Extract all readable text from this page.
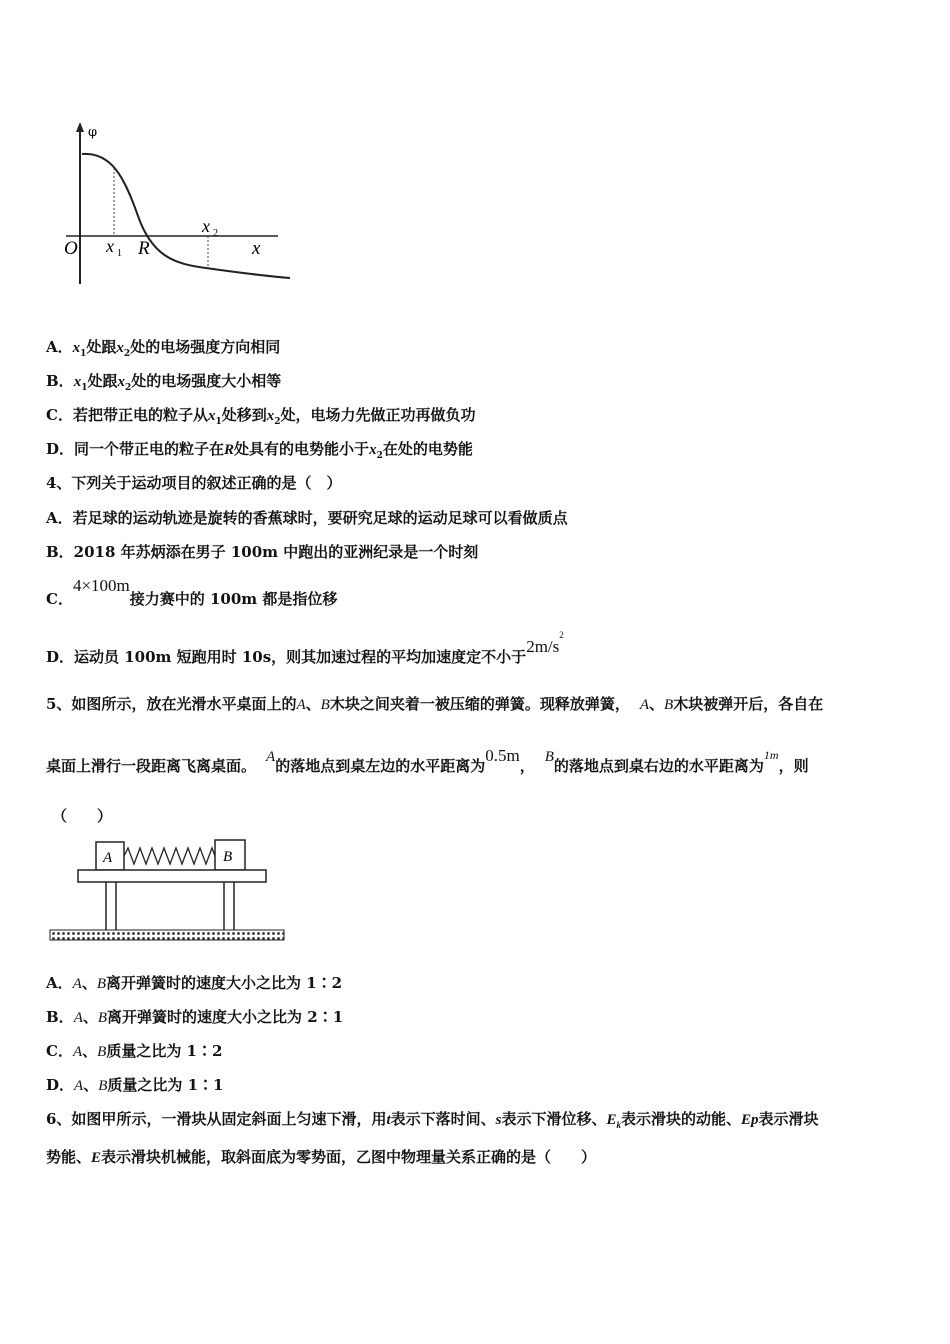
φ
O x 1 R
x 2
x
A．$x_1$处跟$x_2$处的电场强度方向相同
B．$x_1$处跟$x_2$处的电场强度大小相等
C．若把带正电的粒子从$x_1$处移到$x_2$处，电场力先做正功再做负功
D．同一个带正电的粒子在R处具有的电势能小于$x_2$在处的电势能
4、下列关于运动项目的叙述正确的是（　）
A．若足球的运动轨迹是旋转的香蕉球时，要研究足球的运动足球可以看做质点
B．2018 年苏炳添在男子 100m 中跑出的亚洲纪录是一个时刻
C．4×100m接力赛中的 100m 都是指位移
D．运动员 100m 短跑用时 10s，则其加速过程的平均加速度定不小于$2m/s^2$
5、如图所示，放在光滑水平桌面上的A、B木块之间夹着一被压缩的弹簧。现释放弹簧， A、B木块被弹开后，各自在
桌面上滑行一段距离飞离桌面。 A的落地点到桌左边的水平距离为0.5m， B的落地点到桌右边的水平距离为$^{1m}$，则
（　　）
A	B
A．A、B离开弹簧时的速度大小之比为 1∶2
B．A、B离开弹簧时的速度大小之比为 2∶1
C．A、B质量之比为 1∶2
D．A、B质量之比为 1∶1
6、如图甲所示，一滑块从固定斜面上匀速下滑，用t表示下落时间、s表示下滑位移、$E_k$表示滑块的动能、Ep表示滑块
势能、E表示滑块机械能，取斜面底为零势面，乙图中物理量关系正确的是（　　）
